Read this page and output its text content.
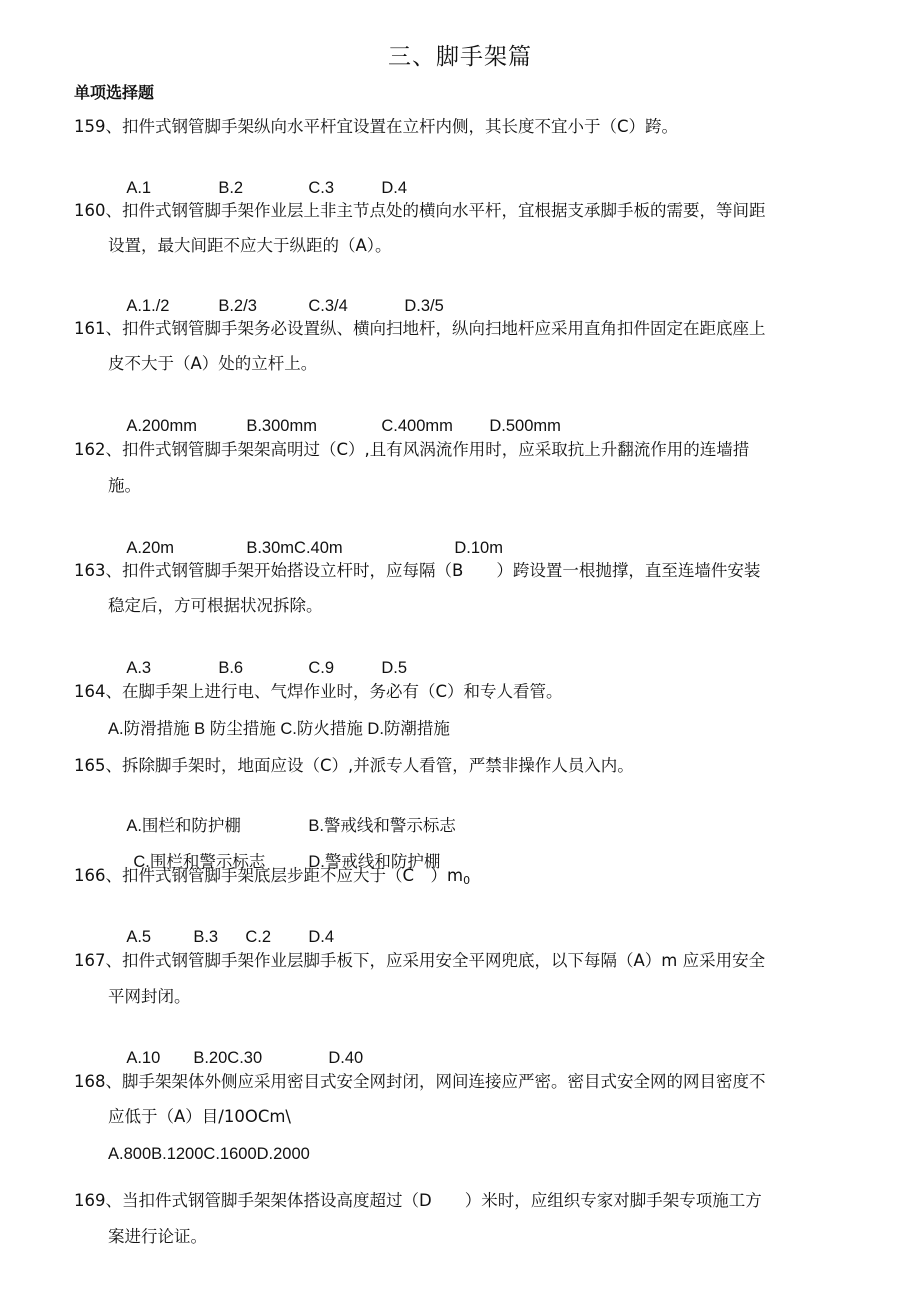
三、脚手架篇
单项选择题
159、扣件式钢管脚手架纵向水平杆宜设置在立杆内侧，其长度不宜小于（C）跨。

A.1	B.2	C.3	D.4

160、扣件式钢管脚手架作业层上非主节点处的横向水平杆，宜根据支承脚手板的需要，等间距
设置，最大间距不应大于纵距的（A）。

A.1./2	B.2/3	C.3/4	D.3/5

161、扣件式钢管脚手架务必设置纵、横向扫地杆，纵向扫地杆应采用直角扣件固定在距底座上
皮不大于（A）处的立杆上。

A.200mm	B.300mm	C.400mm D.500mm

162、扣件式钢管脚手架架高明过（C）,且有风涡流作用时，应采取抗上升翻流作用的连墙措
施。

A.20m	B.30mC.40m	D.10m

163、扣件式钢管脚手架开始搭设立杆时，应每隔（B　　）跨设置一根抛撑，直至连墙件安装
稳定后，方可根据状况拆除。

A.3	B.6	C.9	D.5

164、在脚手架上进行电、气焊作业时，务必有（C）和专人看管。
A.防滑措施 B 防尘措施 C.防火措施 D.防潮措施
165、拆除脚手架时，地面应设（C）,并派专人看管，严禁非操作人员入内。

A.围栏和防护棚	B.警戒线和警示标志

C.围栏和警示标志	D.警戒线和防护棚

166、扣件式钢管脚手架底层步距不应大于（C　）$m_0$

A.5	B.3 C.2 D.4

167、扣件式钢管脚手架作业层脚手板下，应采用安全平网兜底，以下每隔（A）m 应采用安全
平网封闭。

A.10 B.20C.30	D.40

168、脚手架架体外侧应采用密目式安全网封闭，网间连接应严密。密目式安全网的网目密度不
应低于（A）目/10OCm\
A.800B.1200C.1600D.2000
169、当扣件式钢管脚手架架体搭设高度超过（D　　）米时，应组织专家对脚手架专项施工方
案进行论证。
